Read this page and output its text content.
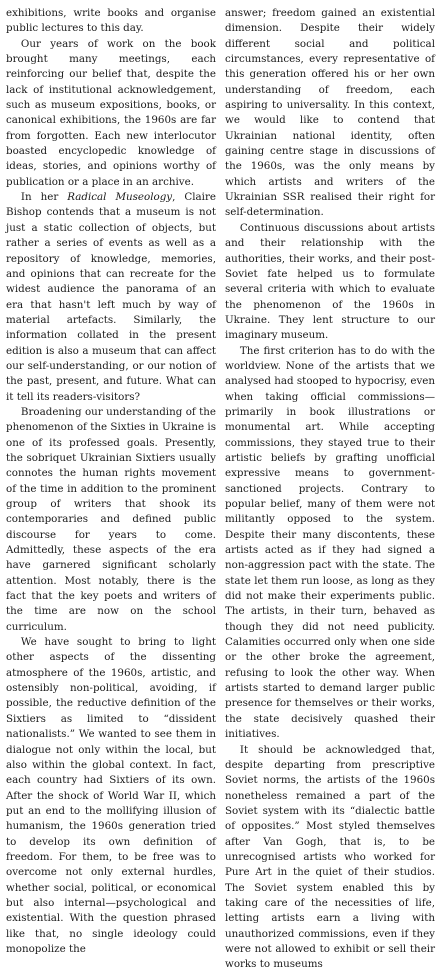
exhibitions, write books and organise public lectures to this day.

Our years of work on the book brought many meetings, each reinforcing our belief that, despite the lack of institutional acknowledgement, such as museum expositions, books, or canonical exhibitions, the 1960s are far from forgotten. Each new interlocutor boasted encyclopedic knowledge of ideas, stories, and opinions worthy of publication or a place in an archive.

In her Radical Museology, Claire Bishop contends that a museum is not just a static collection of objects, but rather a series of events as well as a repository of knowledge, memories, and opinions that can recreate for the widest audience the panorama of an era that hasn't left much by way of material artefacts. Similarly, the information collated in the present edition is also a museum that can affect our self-understanding, or our notion of the past, present, and future. What can it tell its readers-visitors?

Broadening our understanding of the phenomenon of the Sixties in Ukraine is one of its professed goals. Presently, the sobriquet Ukrainian Sixtiers usually connotes the human rights movement of the time in addition to the prominent group of writers that shook its contemporaries and defined public discourse for years to come. Admittedly, these aspects of the era have garnered significant scholarly attention. Most notably, there is the fact that the key poets and writers of the time are now on the school curriculum.

We have sought to bring to light other aspects of the dissenting atmosphere of the 1960s, artistic, and ostensibly non-political, avoiding, if possible, the reductive definition of the Sixtiers as limited to “dissident nationalists.” We wanted to see them in dialogue not only within the local, but also within the global context. In fact, each country had Sixtiers of its own. After the shock of World War II, which put an end to the mollifying illusion of humanism, the 1960s generation tried to develop its own definition of freedom. For them, to be free was to overcome not only external hurdles, whether social, political, or economical but also internal—psychological and existential. With the question phrased like that, no single ideology could monopolize the

answer; freedom gained an existential dimension. Despite their widely different social and political circumstances, every representative of this generation offered his or her own understanding of freedom, each aspiring to universality. In this context, we would like to contend that Ukrainian national identity, often gaining centre stage in discussions of the 1960s, was the only means by which artists and writers of the Ukrainian SSR realised their right for self-determination.

Continuous discussions about artists and their relationship with the authorities, their works, and their post-Soviet fate helped us to formulate several criteria with which to evaluate the phenomenon of the 1960s in Ukraine. They lent structure to our imaginary museum.

The first criterion has to do with the worldview. None of the artists that we analysed had stooped to hypocrisy, even when taking official commissions—primarily in book illustrations or monumental art. While accepting commissions, they stayed true to their artistic beliefs by grafting unofficial expressive means to government-sanctioned projects. Contrary to popular belief, many of them were not militantly opposed to the system. Despite their many discontents, these artists acted as if they had signed a non-aggression pact with the state. The state let them run loose, as long as they did not make their experiments public. The artists, in their turn, behaved as though they did not need publicity. Calamities occurred only when one side or the other broke the agreement, refusing to look the other way. When artists started to demand larger public presence for themselves or their works, the state decisively quashed their initiatives.

It should be acknowledged that, despite departing from prescriptive Soviet norms, the artists of the 1960s nonetheless remained a part of the Soviet system with its “dialectic battle of opposites.” Most styled themselves after Van Gogh, that is, to be unrecognised artists who worked for Pure Art in the quiet of their studios. The Soviet system enabled this by taking care of the necessities of life, letting artists earn a living with unauthorized commissions, even if they were not allowed to exhibit or sell their works to museums
